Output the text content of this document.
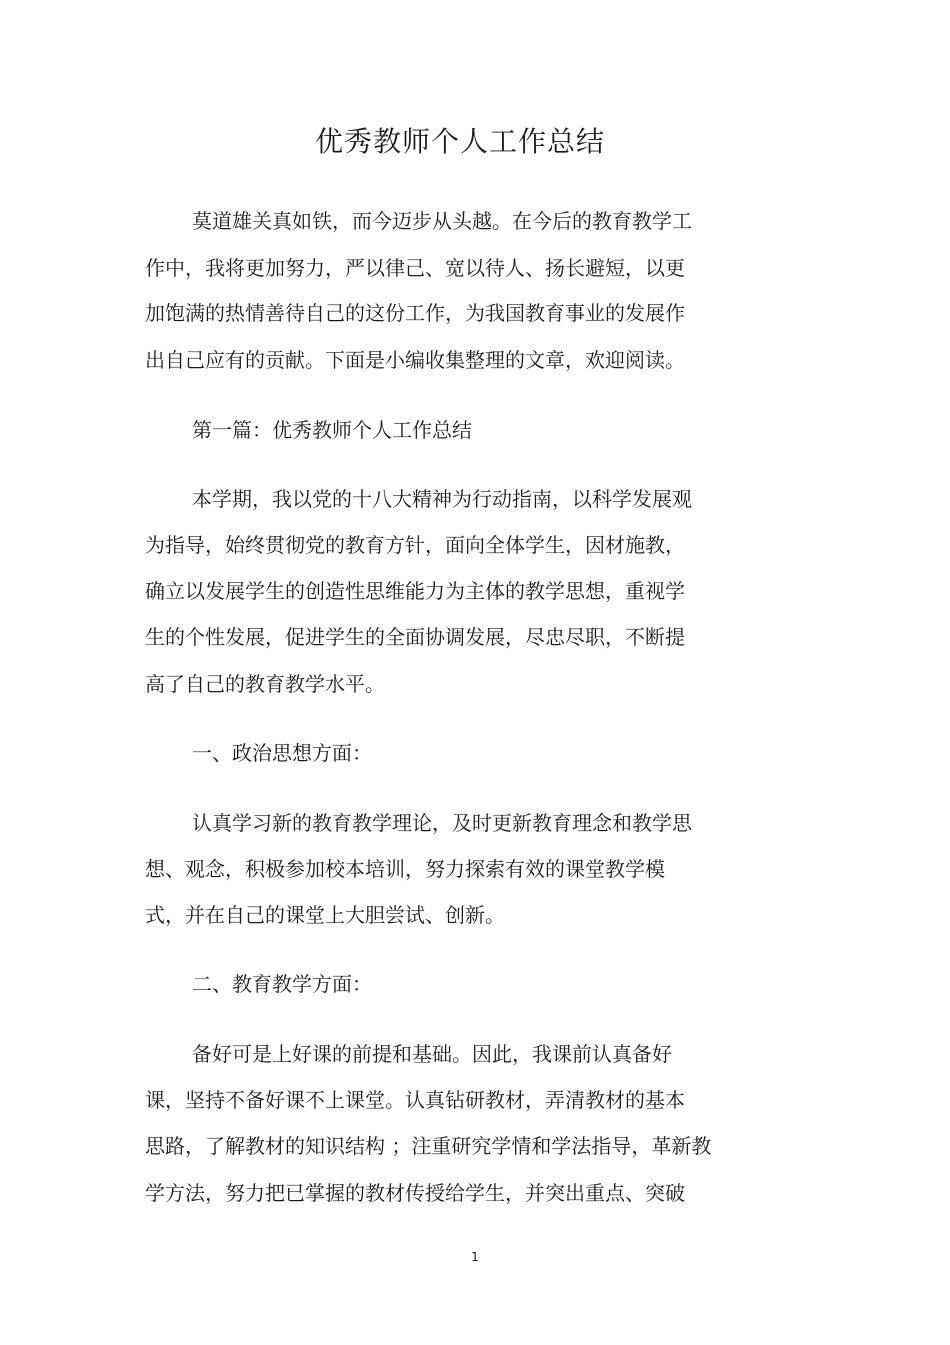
优秀教师个人工作总结
莫道雄关真如铁，而今迈步从头越。在今后的教育教学工
作中，我将更加努力，严以律己、宽以待人、扬长避短，以更
加饱满的热情善待自己的这份工作，为我国教育事业的发展作
出自己应有的贡献。下面是小编收集整理的文章，欢迎阅读。
第一篇：优秀教师个人工作总结
本学期，我以党的十八大精神为行动指南，以科学发展观
为指导，始终贯彻党的教育方针，面向全体学生，因材施教，
确立以发展学生的创造性思维能力为主体的教学思想，重视学
生的个性发展，促进学生的全面协调发展，尽忠尽职，不断提
高了自己的教育教学水平。
一、政治思想方面：
认真学习新的教育教学理论，及时更新教育理念和教学思
想、观念，积极参加校本培训，努力探索有效的课堂教学模
式，并在自己的课堂上大胆尝试、创新。
二、教育教学方面：
备好可是上好课的前提和基础。因此，我课前认真备好
课，坚持不备好课不上课堂。认真钻研教材，弄清教材的基本
思路，了解教材的知识结构 ；注重研究学情和学法指导，革新教
学方法，努力把已掌握的教材传授给学生，并突出重点、突破
1
